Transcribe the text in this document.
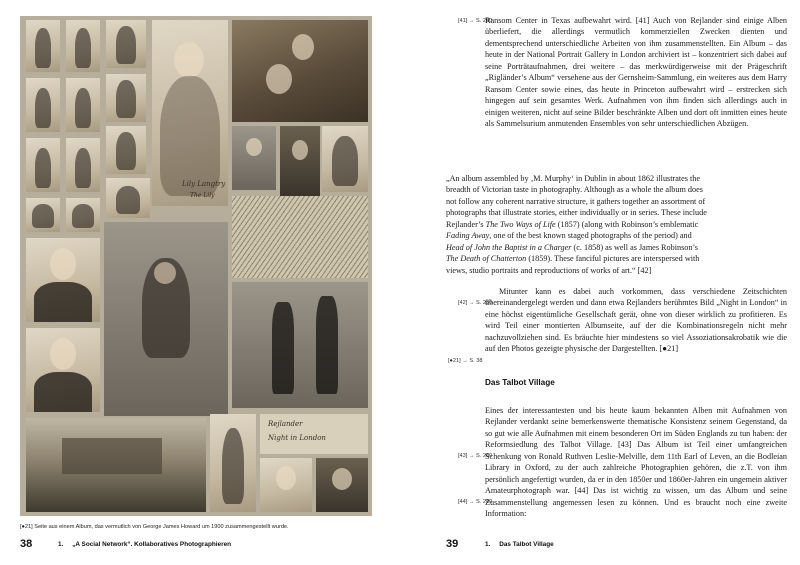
Lily Langtry
Rejlander
Night in London
The Lily
[●21] Seite aus einem Album, das vermutlich von George James Howard um 1900 zusammengestellt wurde.
38	1.     „A Social Network“. Kollaboratives Photographieren
[41] → S. 280
Ransom Center in Texas aufbewahrt wird. [41] Auch von Rejlander sind einige Alben überliefert, die allerdings vermutlich kommerziellen Zwecken dienten und dementsprechend unterschiedliche Arbeiten von ihm zusammenstellten. Ein Album – das heute in der National Portrait Gallery in London archiviert ist – konzentriert sich dabei auf seine Porträtaufnahmen, drei weitere – das merkwürdigerweise mit der Prägeschrift „Rigländer’s Album“ versehene aus der Gernsheim-Sammlung, ein weiteres aus dem Harry Ransom Center sowie eines, das heute in Princeton aufbewahrt wird – erstrecken sich hingegen auf sein gesamtes Werk. Aufnahmen von ihm finden sich allerdings auch in einigen weiteren, nicht auf seine Bilder beschränkte Alben und dort oft inmitten eines heute als Sammelsurium anmutenden Ensembles von sehr unterschiedlichen Abzügen.
„An album assembled by ‚M. Murphy‘ in Dublin in about 1862 illustrates the breadth of Victorian taste in photography. Although as a whole the album does not follow any coherent narrative structure, it gathers together an assortment of photographs that illustrate stories, either individually or in series. These include Rejlander’s The Two Ways of Life (1857) (along with Robinson’s emblematic Fading Away, one of the best known staged photographs of the period) and Head of John the Baptist in a Charger (c. 1858) as well as James Robinson’s The Death of Chatterton (1859). These fanciful pictures are interspersed with views, studio portraits and reproductions of works of art.“ [42]
[42] → S. 280
[●21] → S. 38
Mitunter kann es dabei auch vorkommen, dass verschiedene Zeitschichten übereinandergelegt werden und dann etwa Rejlanders berühmtes Bild „Night in London“ in eine höchst eigentümliche Gesellschaft gerät, ohne von dieser wirklich zu profitieren. Es wird Teil einer montierten Albumseite, auf der die Kombinationsregeln nicht mehr nachzuvollziehen sind. Es bräuchte hier mindestens so viel Assoziationsakrobatik wie die auf den Photos gezeigte physische der Dargestellten. [●21]
Das Talbot Village
[43] → S. 280
[44] → S. 280
Eines der interessantesten und bis heute kaum bekannten Alben mit Aufnahmen von Rejlander verdankt seine bemerkenswerte thematische Konsistenz seinem Gegenstand, da so gut wie alle Aufnahmen mit einem besonderen Ort im Süden Englands zu tun haben: der Reformsiedlung des Talbot Village. [43] Das Album ist Teil einer umfangreichen Schenkung von Ronald Ruthven Leslie-Melville, dem 11th Earl of Leven, an die Bodleian Library in Oxford, zu der auch zahlreiche Photographien gehören, die z.T. von ihm persönlich angefertigt wurden, da er in den 1850er und 1860er-Jahren ein ungemein aktiver Amateurphotograph war. [44] Das ist wichtig zu wissen, um das Album und seine Zusammenstellung angemessen lesen zu können. Und es braucht noch eine zweite Information:
39	1.     Das Talbot Village
